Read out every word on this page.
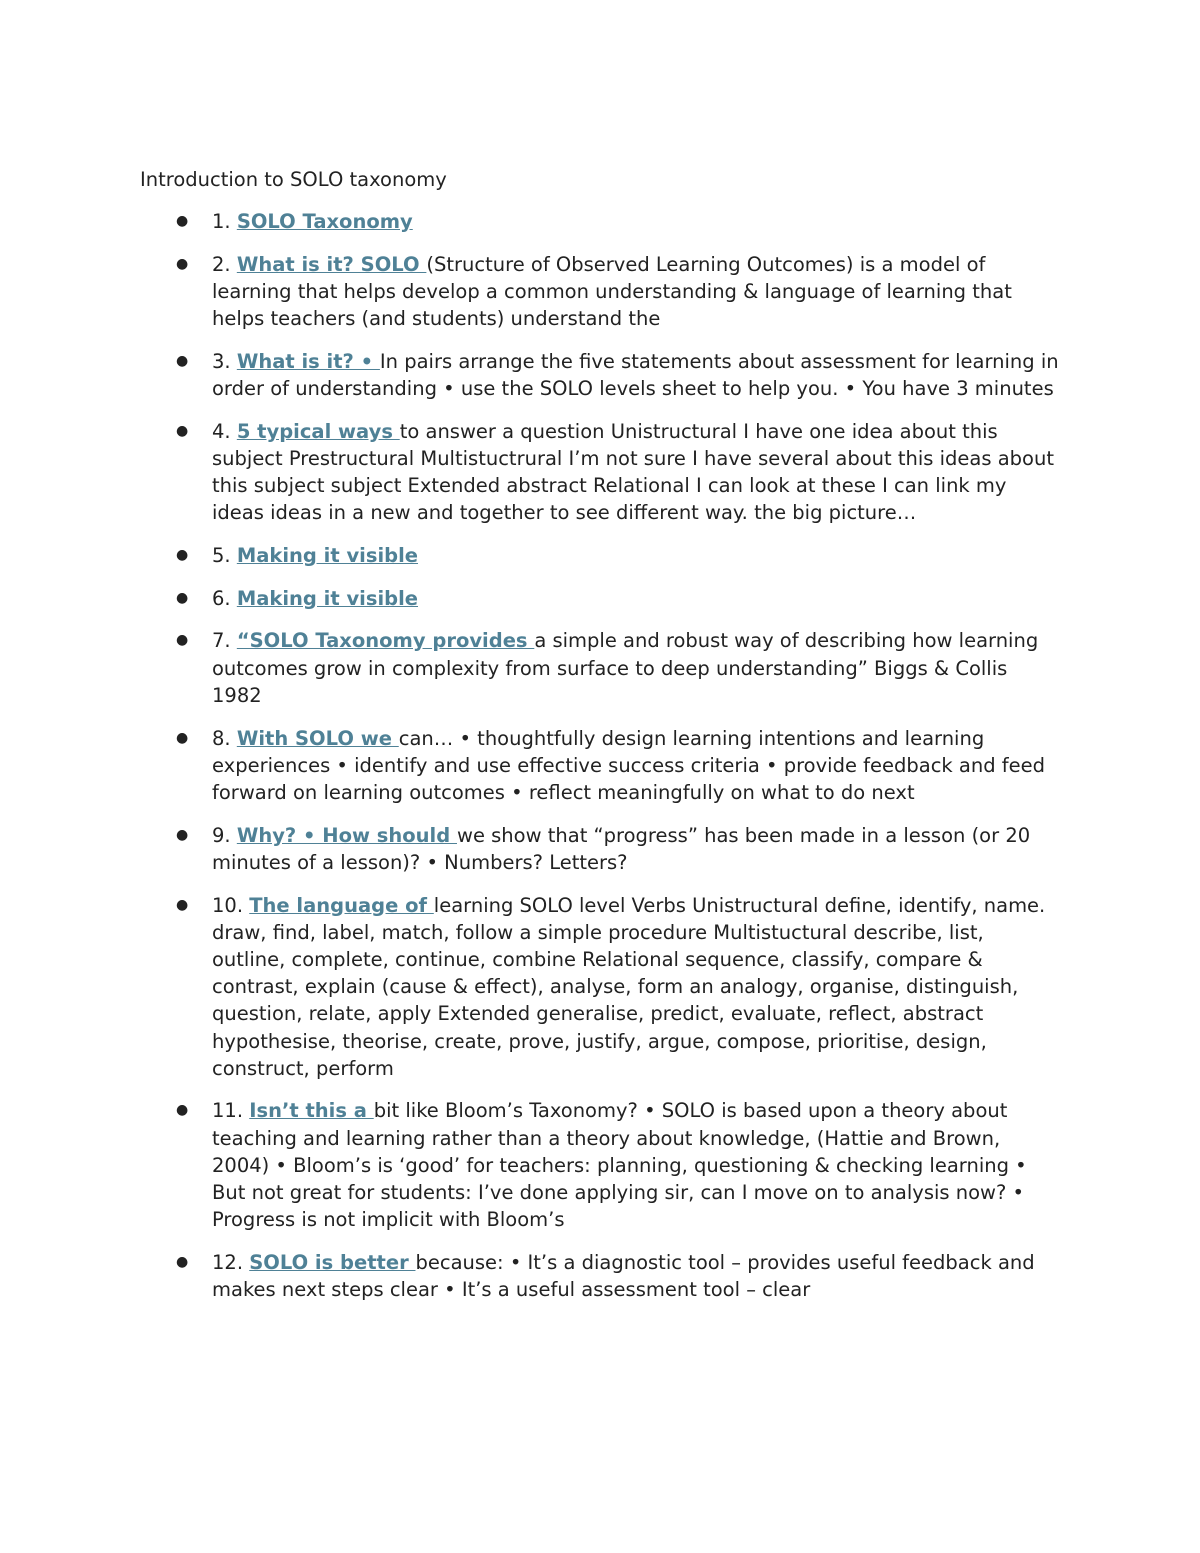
Introduction to SOLO taxonomy
● 1. SOLO Taxonomy
● 2. What is it? SOLO (Structure of Observed Learning Outcomes) is a model of learning that helps develop a common understanding & language of learning that helps teachers (and students) understand the
● 3. What is it? • In pairs arrange the five statements about assessment for learning in order of understanding • use the SOLO levels sheet to help you. • You have 3 minutes
● 4. 5 typical ways to answer a question Unistructural I have one idea about this subject Prestructural Multistuctrural I’m not sure I have several about this ideas about this subject subject Extended abstract Relational I can look at these I can link my ideas ideas in a new and together to see different way. the big picture…
● 5. Making it visible
● 6. Making it visible
● 7. “SOLO Taxonomy provides a simple and robust way of describing how learning outcomes grow in complexity from surface to deep understanding” Biggs & Collis 1982
● 8. With SOLO we can… • thoughtfully design learning intentions and learning experiences • identify and use effective success criteria • provide feedback and feed forward on learning outcomes • reflect meaningfully on what to do next
● 9. Why? • How should we show that “progress” has been made in a lesson (or 20 minutes of a lesson)? • Numbers? Letters?
● 10. The language of learning SOLO level Verbs Unistructural define, identify, name. draw, find, label, match, follow a simple procedure Multistuctural describe, list, outline, complete, continue, combine Relational sequence, classify, compare & contrast, explain (cause & effect), analyse, form an analogy, organise, distinguish, question, relate, apply Extended generalise, predict, evaluate, reflect, abstract hypothesise, theorise, create, prove, justify, argue, compose, prioritise, design, construct, perform
● 11. Isn’t this a bit like Bloom’s Taxonomy? • SOLO is based upon a theory about teaching and learning rather than a theory about knowledge, (Hattie and Brown, 2004) • Bloom’s is ‘good’ for teachers: planning, questioning & checking learning • But not great for students: I’ve done applying sir, can I move on to analysis now? • Progress is not implicit with Bloom’s
● 12. SOLO is better because: • It’s a diagnostic tool – provides useful feedback and makes next steps clear • It’s a useful assessment tool – clear
